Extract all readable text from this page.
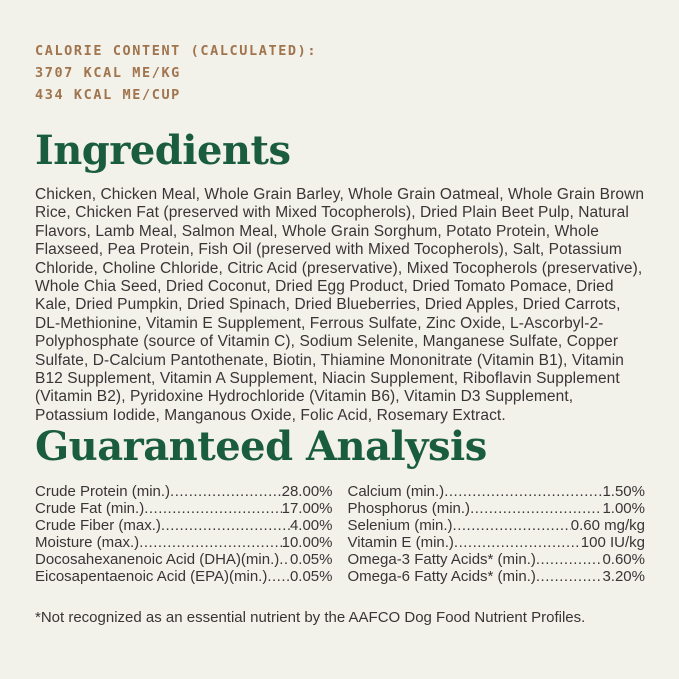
CALORIE CONTENT (CALCULATED):
3707 KCAL ME/KG
434 KCAL ME/CUP
Ingredients
Chicken, Chicken Meal, Whole Grain Barley, Whole Grain Oatmeal, Whole Grain Brown Rice, Chicken Fat (preserved with Mixed Tocopherols), Dried Plain Beet Pulp, Natural Flavors, Lamb Meal, Salmon Meal, Whole Grain Sorghum, Potato Protein, Whole Flaxseed, Pea Protein, Fish Oil (preserved with Mixed Tocopherols), Salt, Potassium Chloride, Choline Chloride, Citric Acid (preservative), Mixed Tocopherols (preservative), Whole Chia Seed, Dried Coconut, Dried Egg Product, Dried Tomato Pomace, Dried Kale, Dried Pumpkin, Dried Spinach, Dried Blueberries, Dried Apples, Dried Carrots, DL-Methionine, Vitamin E Supplement, Ferrous Sulfate, Zinc Oxide, L-Ascorbyl-2-Polyphosphate (source of Vitamin C), Sodium Selenite, Manganese Sulfate, Copper Sulfate, D-Calcium Pantothenate, Biotin, Thiamine Mononitrate (Vitamin B1), Vitamin B12 Supplement, Vitamin A Supplement, Niacin Supplement, Riboflavin Supplement (Vitamin B2), Pyridoxine Hydrochloride (Vitamin B6), Vitamin D3 Supplement, Potassium Iodide, Manganous Oxide, Folic Acid, Rosemary Extract.
Guaranteed Analysis
Crude Protein (min.) .....	28.00%
Crude Fat (min.) .....	17.00%
Crude Fiber (max.) .....	4.00%
Moisture (max.) .....	10.00%
Docosahexanenoic Acid (DHA)(min.) ..... 0.05%
Eicosapentaenoic Acid (EPA)(min.) ..... 0.05%
Calcium (min.) .....	1.50%
Phosphorus (min.) .....	1.00%
Selenium (min.) .....	0.60 mg/kg
Vitamin E (min.) .....	100 IU/kg
Omega-3 Fatty Acids* (min.) .....	0.60%
Omega-6 Fatty Acids* (min.) .....	3.20%
*Not recognized as an essential nutrient by the AAFCO Dog Food Nutrient Profiles.
